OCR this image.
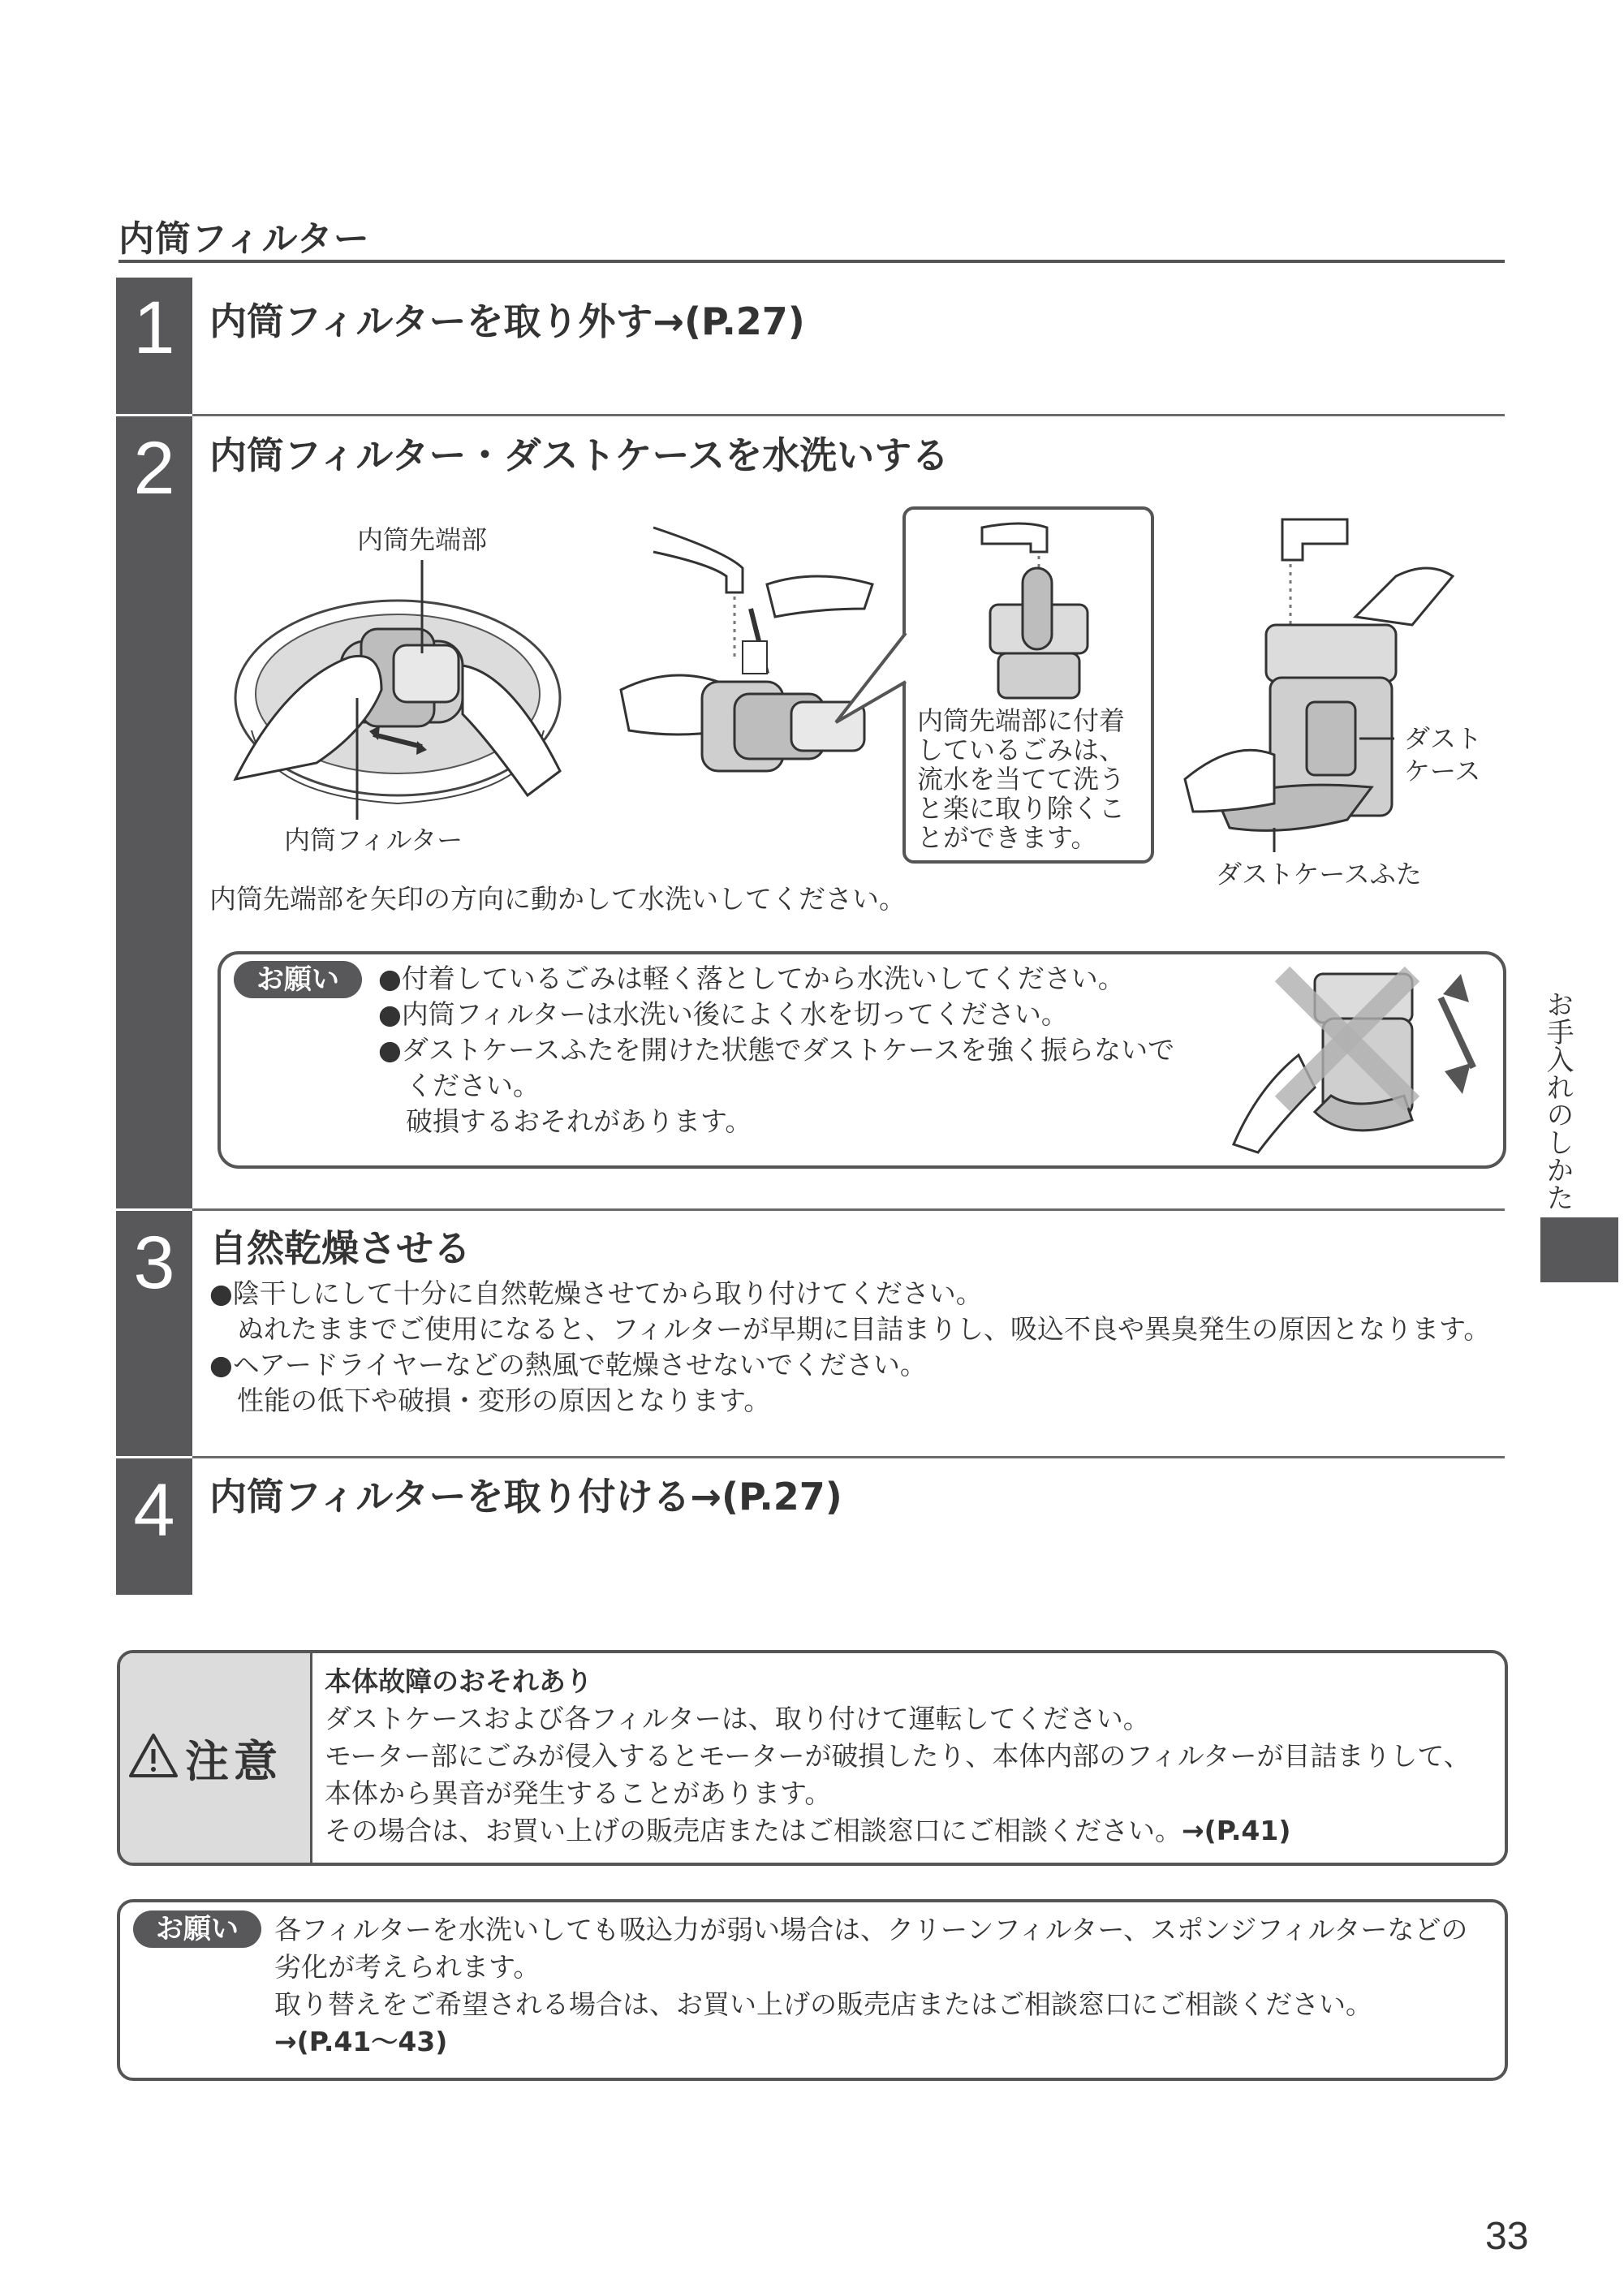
内筒フィルター
1 内筒フィルターを取り外す→(P.27)
2 内筒フィルター・ダストケースを水洗いする
内筒先端部
内筒フィルター
内筒先端部に付着
しているごみは、
流水を当てて洗う
と楽に取り除くこ
とができます。
ダスト
ケース
ダストケースふた
内筒先端部を矢印の方向に動かして水洗いしてください。
お願い	●付着しているごみは軽く落としてから水洗いしてください。
●内筒フィルターは水洗い後によく水を切ってください。
●ダストケースふたを開けた状態でダストケースを強く振らないで
ください。
破損するおそれがあります。
3 自然乾燥させる
●陰干しにして十分に自然乾燥させてから取り付けてください。
ぬれたままでご使用になると、フィルターが早期に目詰まりし、吸込不良や異臭発生の原因となります。
●ヘアードライヤーなどの熱風で乾燥させないでください。
性能の低下や破損・変形の原因となります。
4 内筒フィルターを取り付ける→(P.27)
お手入れのしかた
注意
本体故障のおそれあり
ダストケースおよび各フィルターは、取り付けて運転してください。
モーター部にごみが侵入するとモーターが破損したり、本体内部のフィルターが目詰まりして、
本体から異音が発生することがあります。
その場合は、お買い上げの販売店またはご相談窓口にご相談ください。→(P.41)
お願い	各フィルターを水洗いしても吸込力が弱い場合は、クリーンフィルター、スポンジフィルターなどの
劣化が考えられます。
取り替えをご希望される場合は、お買い上げの販売店またはご相談窓口にご相談ください。
→(P.41～43)
33
